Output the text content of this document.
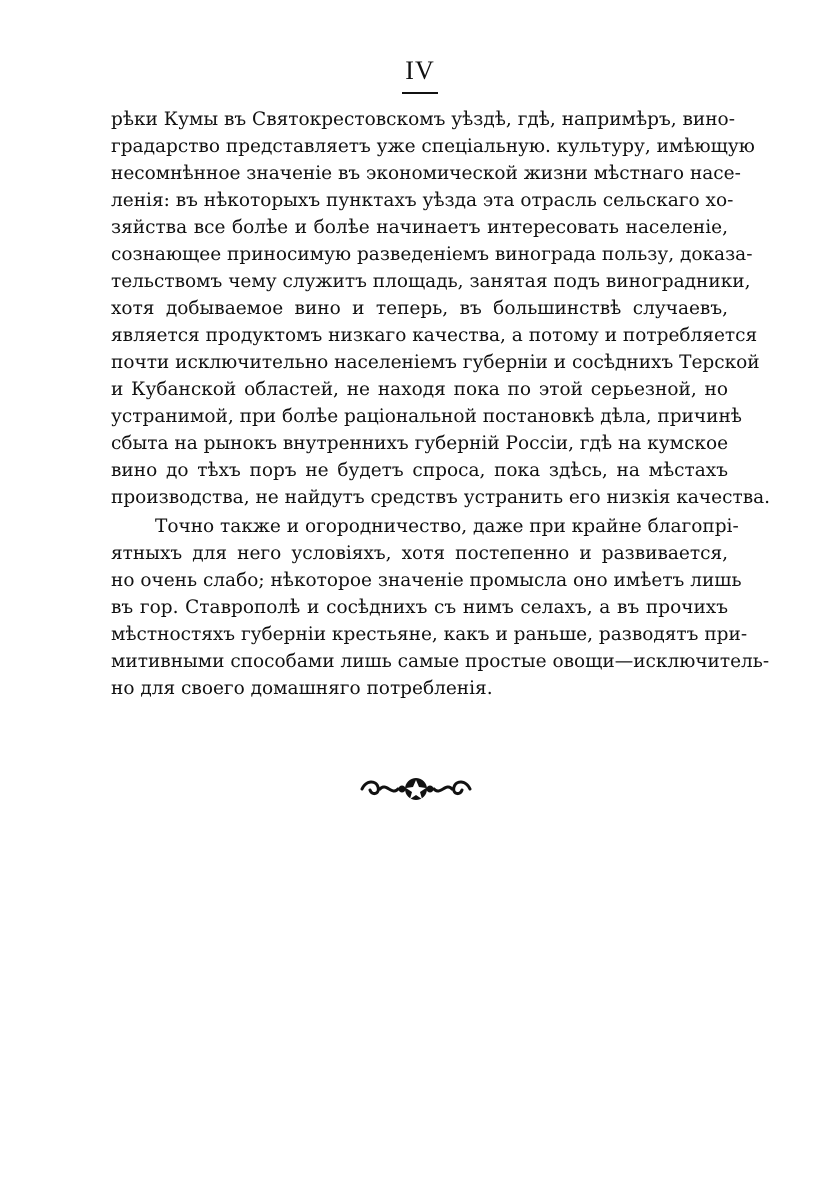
IV
рѣки Кумы въ Святокрестовскомъ уѣздѣ, гдѣ, напримѣръ, вино-
градарство представляетъ уже спеціальную. культуру, имѣющую
несомнѣнное значеніе въ экономической жизни мѣстнаго насе-
ленія: въ нѣкоторыхъ пунктахъ уѣзда эта отрасль сельскаго хо-
зяйства все болѣе и болѣе начинаетъ интересовать населеніе,
сознающее приносимую разведеніемъ винограда пользу, доказа-
тельствомъ чему служитъ площадь, занятая подъ виноградники,
хотя добываемое вино и теперь, въ большинствѣ случаевъ,
является продуктомъ низкаго качества, а потому и потребляется
почти исключительно населеніемъ губерніи и сосѣднихъ Терской
и Кубанской областей, не находя пока по этой серьезной, но
устранимой, при болѣе раціональной постановкѣ дѣла, причинѣ
сбыта на рынокъ внутреннихъ губерній Россіи, гдѣ на кумское
вино до тѣхъ поръ не будетъ спроса, пока здѣсь, на мѣстахъ
производства, не найдутъ средствъ устранить его низкія качества.
Точно также и огородничество, даже при крайне благопрі-
ятныхъ для него условіяхъ, хотя постепенно и развивается,
но очень слабо; нѣкоторое значеніе промысла оно имѣетъ лишь
въ гор. Ставрополѣ и сосѣднихъ съ нимъ селахъ, а въ прочихъ
мѣстностяхъ губерніи крестьяне, какъ и раньше, разводятъ при-
митивными способами лишь самые простые овощи—исключитель-
но для своего домашняго потребленія.
